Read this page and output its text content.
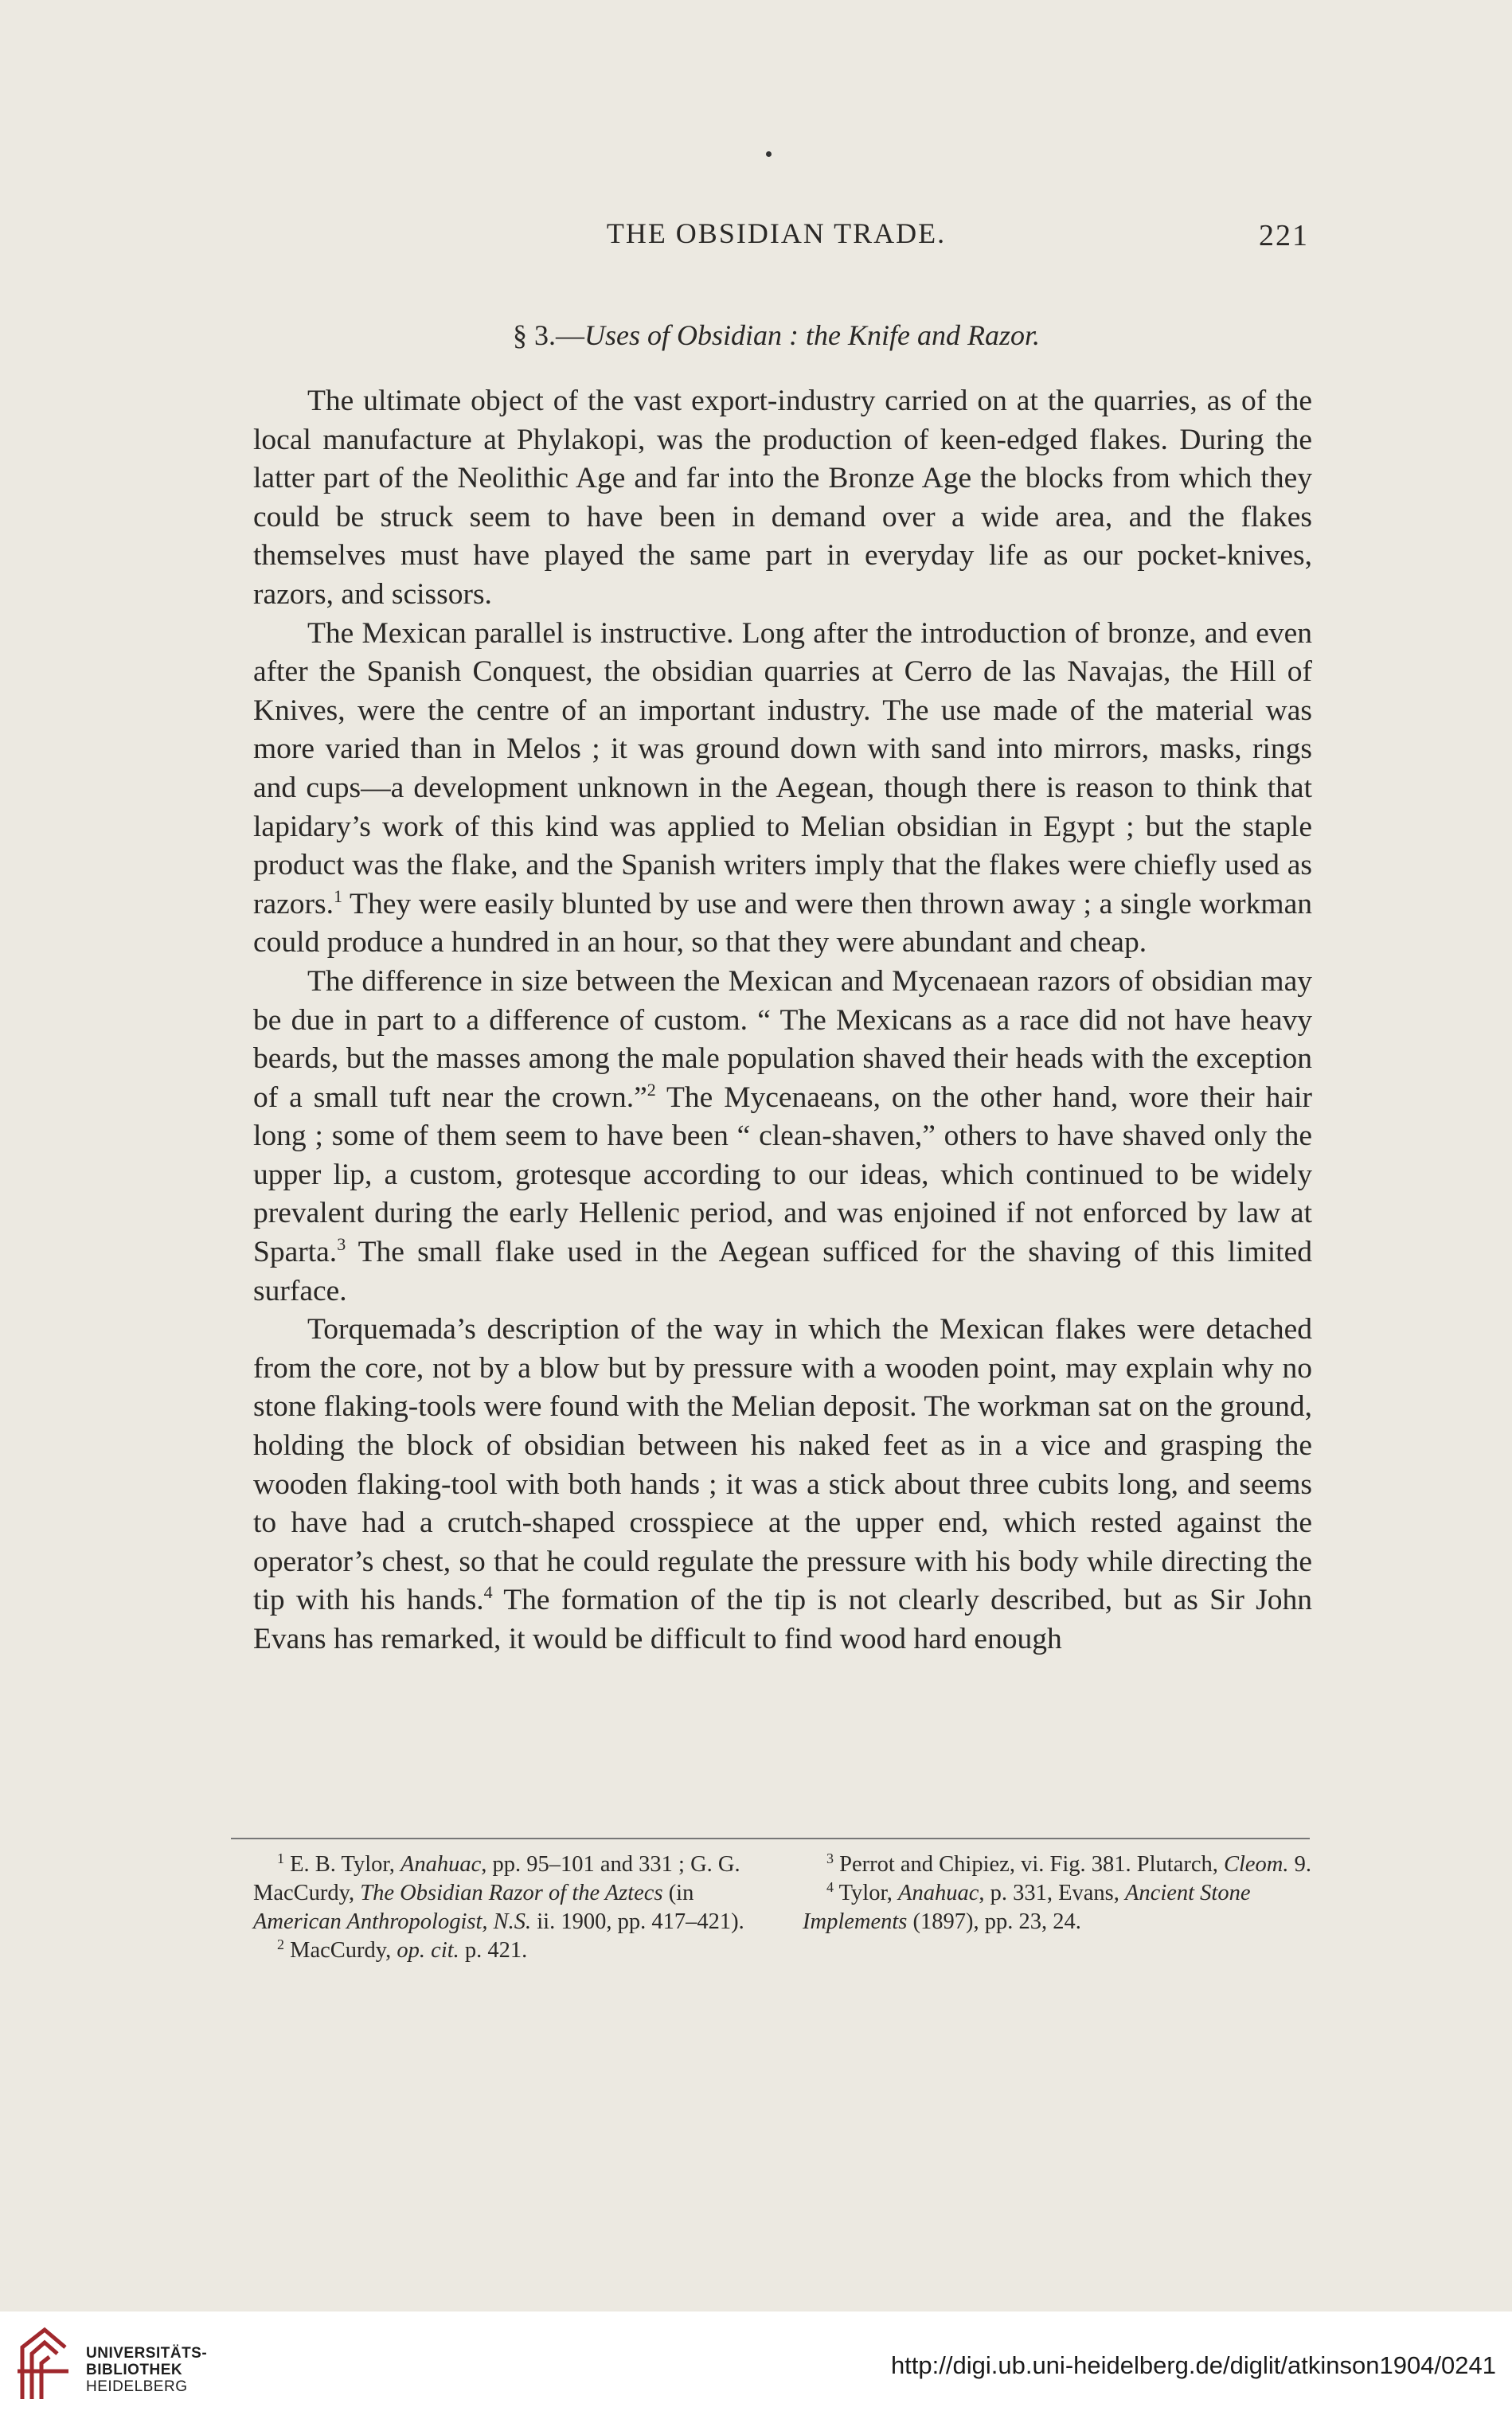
THE OBSIDIAN TRADE.	221
§ 3.—Uses of Obsidian : the Knife and Razor.

The ultimate object of the vast export-industry carried on at the quarries, as of the local manufacture at Phylakopi, was the production of keen-edged flakes. During the latter part of the Neolithic Age and far into the Bronze Age the blocks from which they could be struck seem to have been in demand over a wide area, and the flakes themselves must have played the same part in everyday life as our pocket-knives, razors, and scissors.

The Mexican parallel is instructive. Long after the introduction of bronze, and even after the Spanish Conquest, the obsidian quarries at Cerro de las Navajas, the Hill of Knives, were the centre of an important industry. The use made of the material was more varied than in Melos ; it was ground down with sand into mirrors, masks, rings and cups—a development unknown in the Aegean, though there is reason to think that lapidary’s work of this kind was applied to Melian obsidian in Egypt ; but the staple product was the flake, and the Spanish writers imply that the flakes were chiefly used as razors.$^1$ They were easily blunted by use and were then thrown away ; a single workman could produce a hundred in an hour, so that they were abundant and cheap.

The difference in size between the Mexican and Mycenaean razors of obsidian may be due in part to a difference of custom. “ The Mexicans as a race did not have heavy beards, but the masses among the male population shaved their heads with the exception of a small tuft near the crown.”$^2$ The Mycenaeans, on the other hand, wore their hair long ; some of them seem to have been “ clean-shaven,” others to have shaved only the upper lip, a custom, grotesque according to our ideas, which continued to be widely prevalent during the early Hellenic period, and was enjoined if not enforced by law at Sparta.$^3$ The small flake used in the Aegean sufficed for the shaving of this limited surface.

Torquemada’s description of the way in which the Mexican flakes were detached from the core, not by a blow but by pressure with a wooden point, may explain why no stone flaking-tools were found with the Melian deposit. The workman sat on the ground, holding the block of obsidian between his naked feet as in a vice and grasping the wooden flaking-tool with both hands ; it was a stick about three cubits long, and seems to have had a crutch-shaped crosspiece at the upper end, which rested against the operator’s chest, so that he could regulate the pressure with his body while directing the tip with his hands.$^4$ The formation of the tip is not clearly described, but as Sir John Evans has remarked, it would be difficult to find wood hard enough

$^1$ E. B. Tylor, Anahuac, pp. 95–101 and 331 ; G. G. MacCurdy, The Obsidian Razor of the Aztecs (in American Anthropologist, N.S. ii. 1900, pp. 417–421).

$^2$ MacCurdy, op. cit. p. 421.

$^3$ Perrot and Chipiez, vi. Fig. 381. Plutarch, Cleom. 9.

$^4$ Tylor, Anahuac, p. 331, Evans, Ancient Stone Implements (1897), pp. 23, 24.

UNIVERSITÄTS-
BIBLIOTHEK
HEIDELBERG
http://digi.ub.uni-heidelberg.de/diglit/atkinson1904/0241
